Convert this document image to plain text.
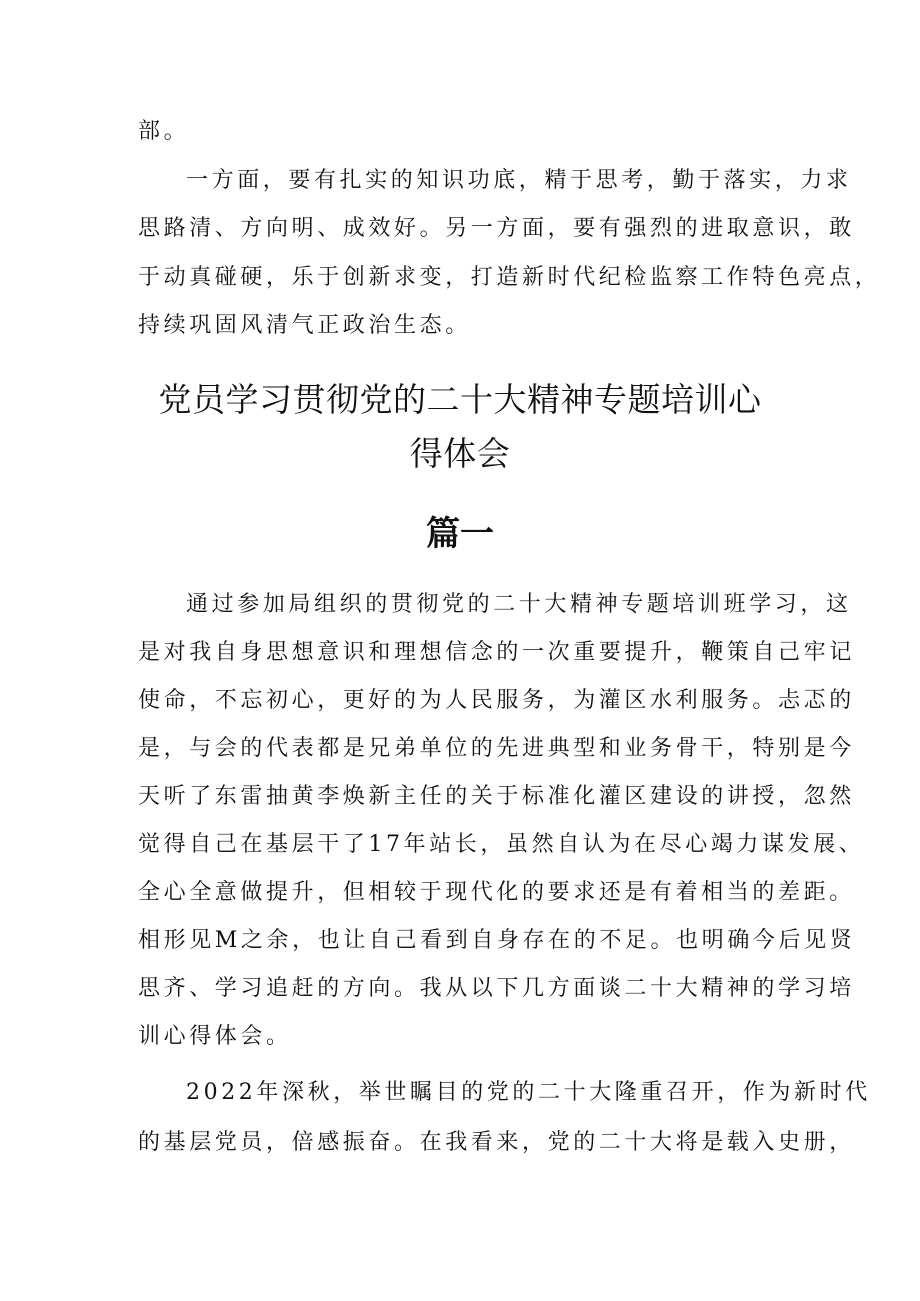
部。
一方面，要有扎实的知识功底，精于思考，勤于落实，力求
思路清、方向明、成效好。另一方面，要有强烈的进取意识，敢
于动真碰硬，乐于创新求变，打造新时代纪检监察工作特色亮点，
持续巩固风清气正政治生态。
党员学习贯彻党的二十大精神专题培训心
得体会
篇一
通过参加局组织的贯彻党的二十大精神专题培训班学习，这
是对我自身思想意识和理想信念的一次重要提升，鞭策自己牢记
使命，不忘初心，更好的为人民服务，为灌区水利服务。忐忑的
是，与会的代表都是兄弟单位的先进典型和业务骨干，特别是今
天听了东雷抽黄李焕新主任的关于标准化灌区建设的讲授，忽然
觉得自己在基层干了17年站长，虽然自认为在尽心竭力谋发展、
全心全意做提升，但相较于现代化的要求还是有着相当的差距。
相形见M之余，也让自己看到自身存在的不足。也明确今后见贤
思齐、学习追赶的方向。我从以下几方面谈二十大精神的学习培
训心得体会。
2022年深秋，举世瞩目的党的二十大隆重召开，作为新时代
的基层党员，倍感振奋。在我看来，党的二十大将是载入史册，
